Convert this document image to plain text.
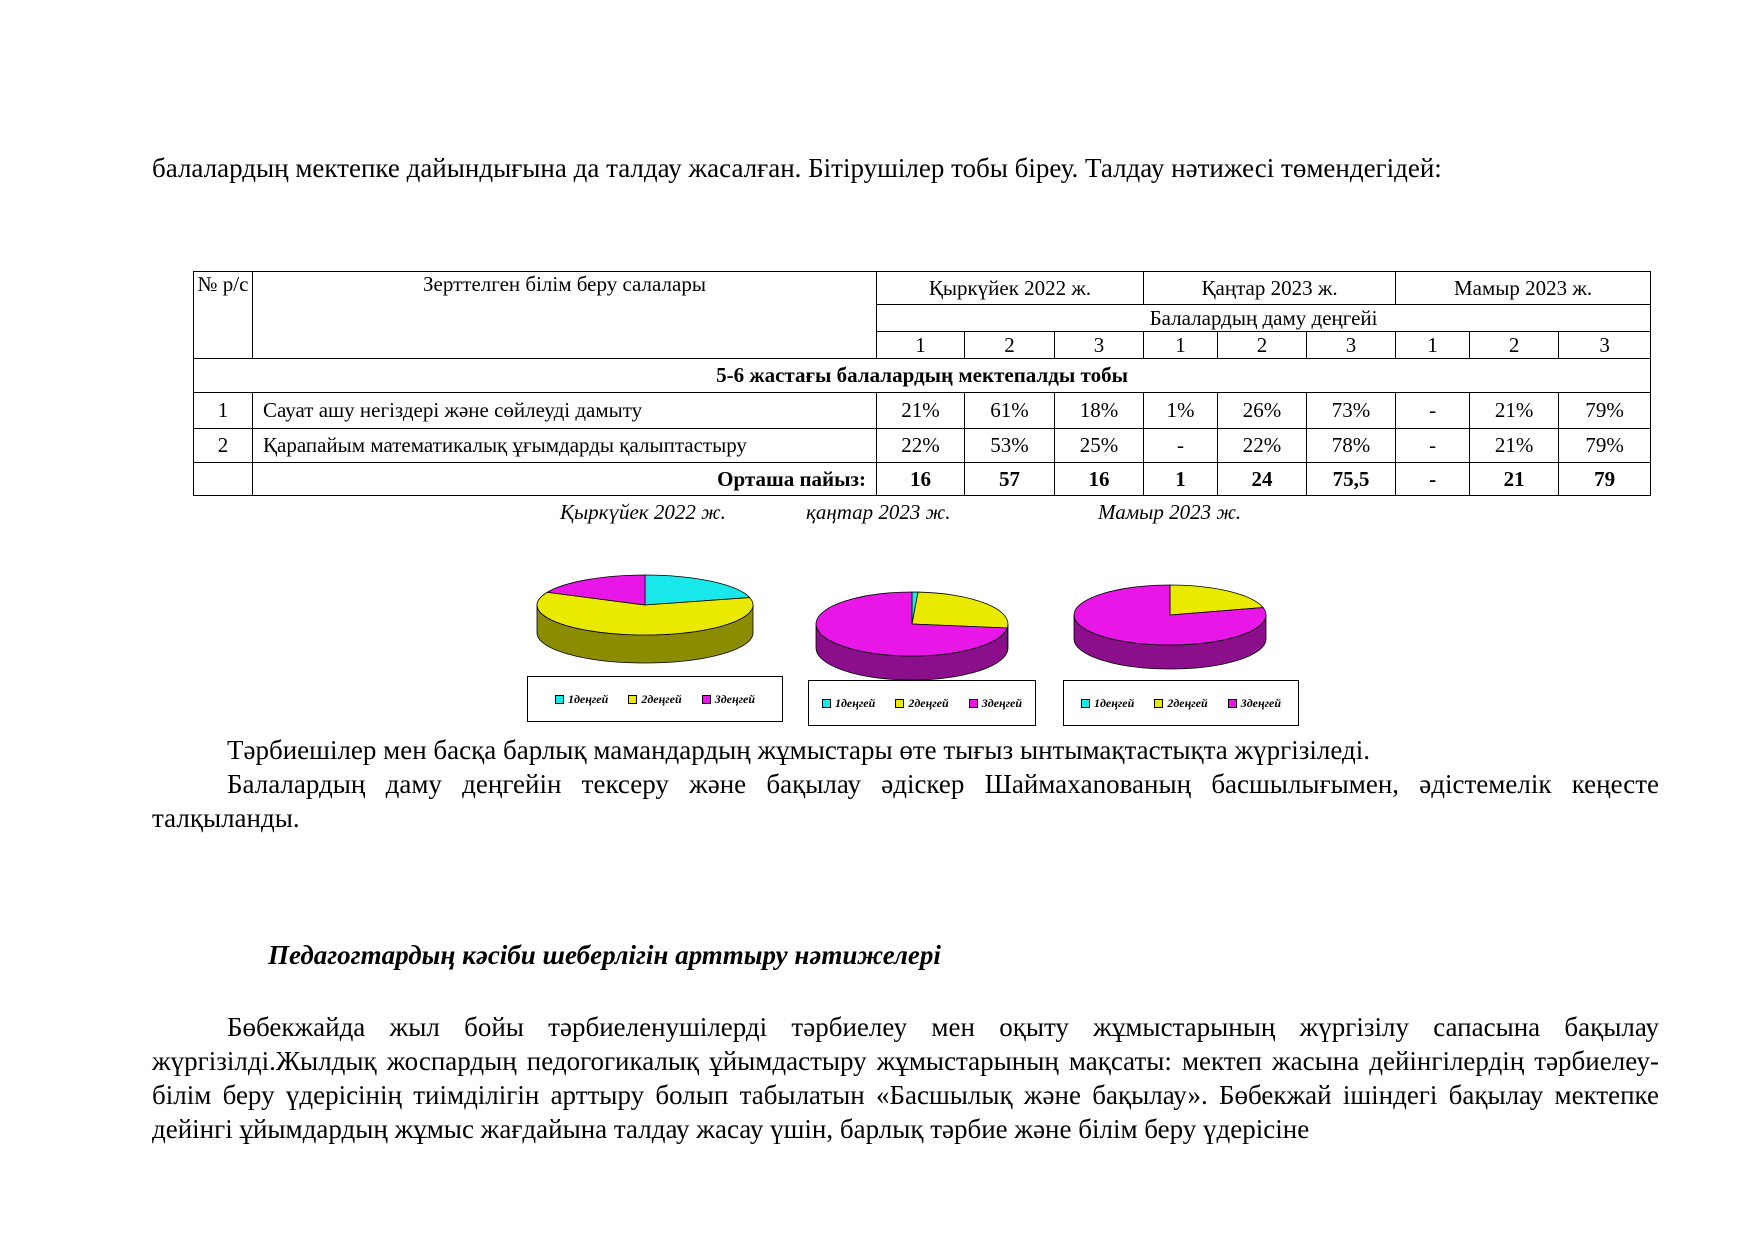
балалардың мектепке дайындығына да талдау жасалған. Бітірушілер тобы біреу. Талдау нәтижесі төмендегідей:
№ р/с	Зерттелген білім беру салалары	Қыркүйек 2022 ж.			Қаңтар 2023 ж.			Мамыр 2023 ж.		
		Балалардың даму деңгейі								
		1	2	3	1	2	3	1	2	3
5-6 жастағы балалардың мектепалды тобы										
1	Сауат ашу негіздері және сөйлеуді дамыту	21%	61%	18%	1%	26%	73%	-	21%	79%
2	Қарапайым математикалық ұғымдарды қалыптастыру	22%	53%	25%	-	22%	78%	-	21%	79%
	Орташа пайыз:	16	57	16	1	24	75,5	-	21	79
Қыркүйек 2022 ж.	қаңтар 2023 ж.	Мамыр 2023 ж.
1деңгей	2деңгей	3деңгей	1деңгей	2деңгей	3деңгей	1деңгей	2деңгей	3деңгей
Тәрбиешілер мен басқа барлық мамандардың жұмыстары өте тығыз ынтымақтастықта жүргізіледі.
Балалардың даму деңгейін тексеру және бақылау әдіскер Шаймахanованың басшылығымен, әдістемелік кеңесте талқыланды.
Педагогтардың кәсіби шеберлігін арттыру нәтижелері
Бөбекжайда жыл бойы тәрбиеленушілерді тәрбиелеу мен оқыту жұмыстарының жүргізілу сапасына бақылау жүргізілді.Жылдық жоспардың педогогикалық ұйымдастыру жұмыстарының мақсаты: мектеп жасына дейінгілердің тәрбиелеу-білім беру үдерісінің тиімділігін арттыру болып табылатын «Басшылық және бақылау». Бөбекжай ішіндегі бақылау мектепке дейінгі ұйымдардың жұмыс жағдайына талдау жасау үшін, барлық тәрбие және білім беру үдерісіне
